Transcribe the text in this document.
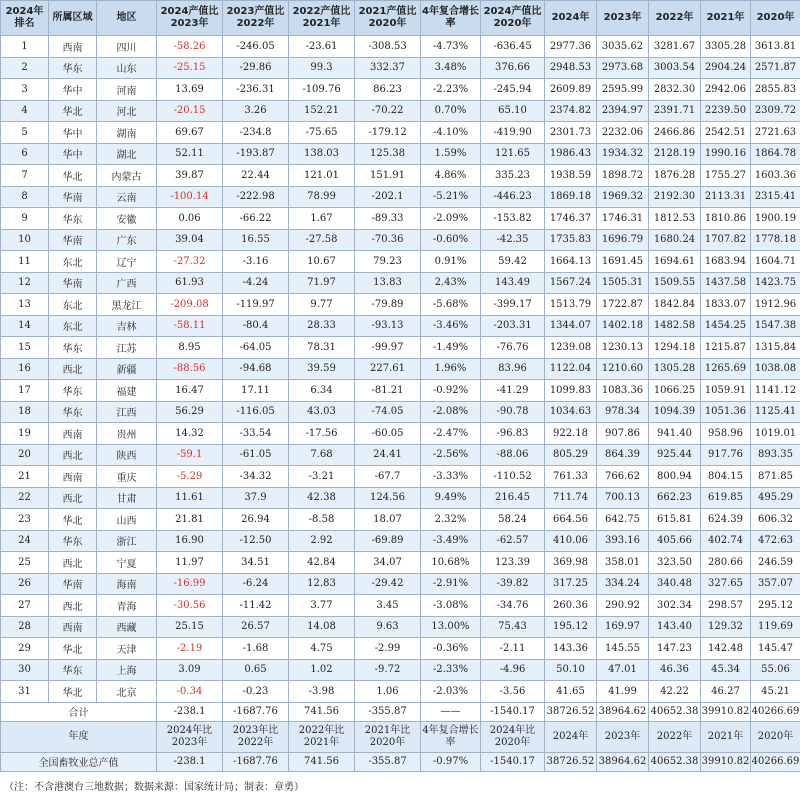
2024年排名	所属区域	地区	2024产值比2023年	2023产值比2022年	2022产值比2021年	2021产值比2020年	4年复合增长率	2024产值比2020年	2024年	2023年	2022年	2021年	2020年
1	西南	四川	-58.26	-246.05	-23.61	-308.53	-4.73%	-636.45	2977.36	3035.62	3281.67	3305.28	3613.81
2	华东	山东	-25.15	-29.86	99.3	332.37	3.48%	376.66	2948.53	2973.68	3003.54	2904.24	2571.87
3	华中	河南	13.69	-236.31	-109.76	86.23	-2.23%	-245.94	2609.89	2595.99	2832.30	2942.06	2855.83
4	华北	河北	-20.15	3.26	152.21	-70.22	0.70%	65.10	2374.82	2394.97	2391.71	2239.50	2309.72
5	华中	湖南	69.67	-234.8	-75.65	-179.12	-4.10%	-419.90	2301.73	2232.06	2466.86	2542.51	2721.63
6	华中	湖北	52.11	-193.87	138.03	125.38	1.59%	121.65	1986.43	1934.32	2128.19	1990.16	1864.78
7	华北	内蒙古	39.87	22.44	121.01	151.91	4.86%	335.23	1938.59	1898.72	1876.28	1755.27	1603.36
8	华南	云南	-100.14	-222.98	78.99	-202.1	-5.21%	-446.23	1869.18	1969.32	2192.30	2113.31	2315.41
9	华东	安徽	0.06	-66.22	1.67	-89.33	-2.09%	-153.82	1746.37	1746.31	1812.53	1810.86	1900.19
10	华南	广东	39.04	16.55	-27.58	-70.36	-0.60%	-42.35	1735.83	1696.79	1680.24	1707.82	1778.18
11	东北	辽宁	-27.32	-3.16	10.67	79.23	0.91%	59.42	1664.13	1691.45	1694.61	1683.94	1604.71
12	华南	广西	61.93	-4.24	71.97	13.83	2.43%	143.49	1567.24	1505.31	1509.55	1437.58	1423.75
13	东北	黑龙江	-209.08	-119.97	9.77	-79.89	-5.68%	-399.17	1513.79	1722.87	1842.84	1833.07	1912.96
14	东北	吉林	-58.11	-80.4	28.33	-93.13	-3.46%	-203.31	1344.07	1402.18	1482.58	1454.25	1547.38
15	华东	江苏	8.95	-64.05	78.31	-99.97	-1.49%	-76.76	1239.08	1230.13	1294.18	1215.87	1315.84
16	西北	新疆	-88.56	-94.68	39.59	227.61	1.96%	83.96	1122.04	1210.60	1305.28	1265.69	1038.08
17	华东	福建	16.47	17.11	6.34	-81.21	-0.92%	-41.29	1099.83	1083.36	1066.25	1059.91	1141.12
18	华东	江西	56.29	-116.05	43.03	-74.05	-2.08%	-90.78	1034.63	978.34	1094.39	1051.36	1125.41
19	西南	贵州	14.32	-33.54	-17.56	-60.05	-2.47%	-96.83	922.18	907.86	941.40	958.96	1019.01
20	西北	陕西	-59.1	-61.05	7.68	24.41	-2.56%	-88.06	805.29	864.39	925.44	917.76	893.35
21	西南	重庆	-5.29	-34.32	-3.21	-67.7	-3.33%	-110.52	761.33	766.62	800.94	804.15	871.85
22	西北	甘肃	11.61	37.9	42.38	124.56	9.49%	216.45	711.74	700.13	662.23	619.85	495.29
23	华北	山西	21.81	26.94	-8.58	18.07	2.32%	58.24	664.56	642.75	615.81	624.39	606.32
24	华东	浙江	16.90	-12.50	2.92	-69.89	-3.49%	-62.57	410.06	393.16	405.66	402.74	472.63
25	西北	宁夏	11.97	34.51	42.84	34.07	10.68%	123.39	369.98	358.01	323.50	280.66	246.59
26	华南	海南	-16.99	-6.24	12.83	-29.42	-2.91%	-39.82	317.25	334.24	340.48	327.65	357.07
27	西北	青海	-30.56	-11.42	3.77	3.45	-3.08%	-34.76	260.36	290.92	302.34	298.57	295.12
28	西南	西藏	25.15	26.57	14.08	9.63	13.00%	75.43	195.12	169.97	143.40	129.32	119.69
29	华北	天津	-2.19	-1.68	4.75	-2.99	-0.36%	-2.11	143.36	145.55	147.23	142.48	145.47
30	华东	上海	3.09	0.65	1.02	-9.72	-2.33%	-4.96	50.10	47.01	46.36	45.34	55.06
31	华北	北京	-0.34	-0.23	-3.98	1.06	-2.03%	-3.56	41.65	41.99	42.22	46.27	45.21
合计			-238.1	-1687.76	741.56	-355.87	——	-1540.17	38726.52	38964.62	40652.38	39910.82	40266.69
年度			2024年比2023年	2023年比2022年	2022年比2021年	2021年比2020年	4年复合增长率	2024年比2020年	2024年	2023年	2022年	2021年	2020年
全国畜牧业总产值			-238.1	-1687.76	741.56	-355.87	-0.97%	-1540.17	38726.52	38964.62	40652.38	39910.82	40266.69
（注：不含港澳台三地数据；数据来源：国家统计局；制表：章勇）
